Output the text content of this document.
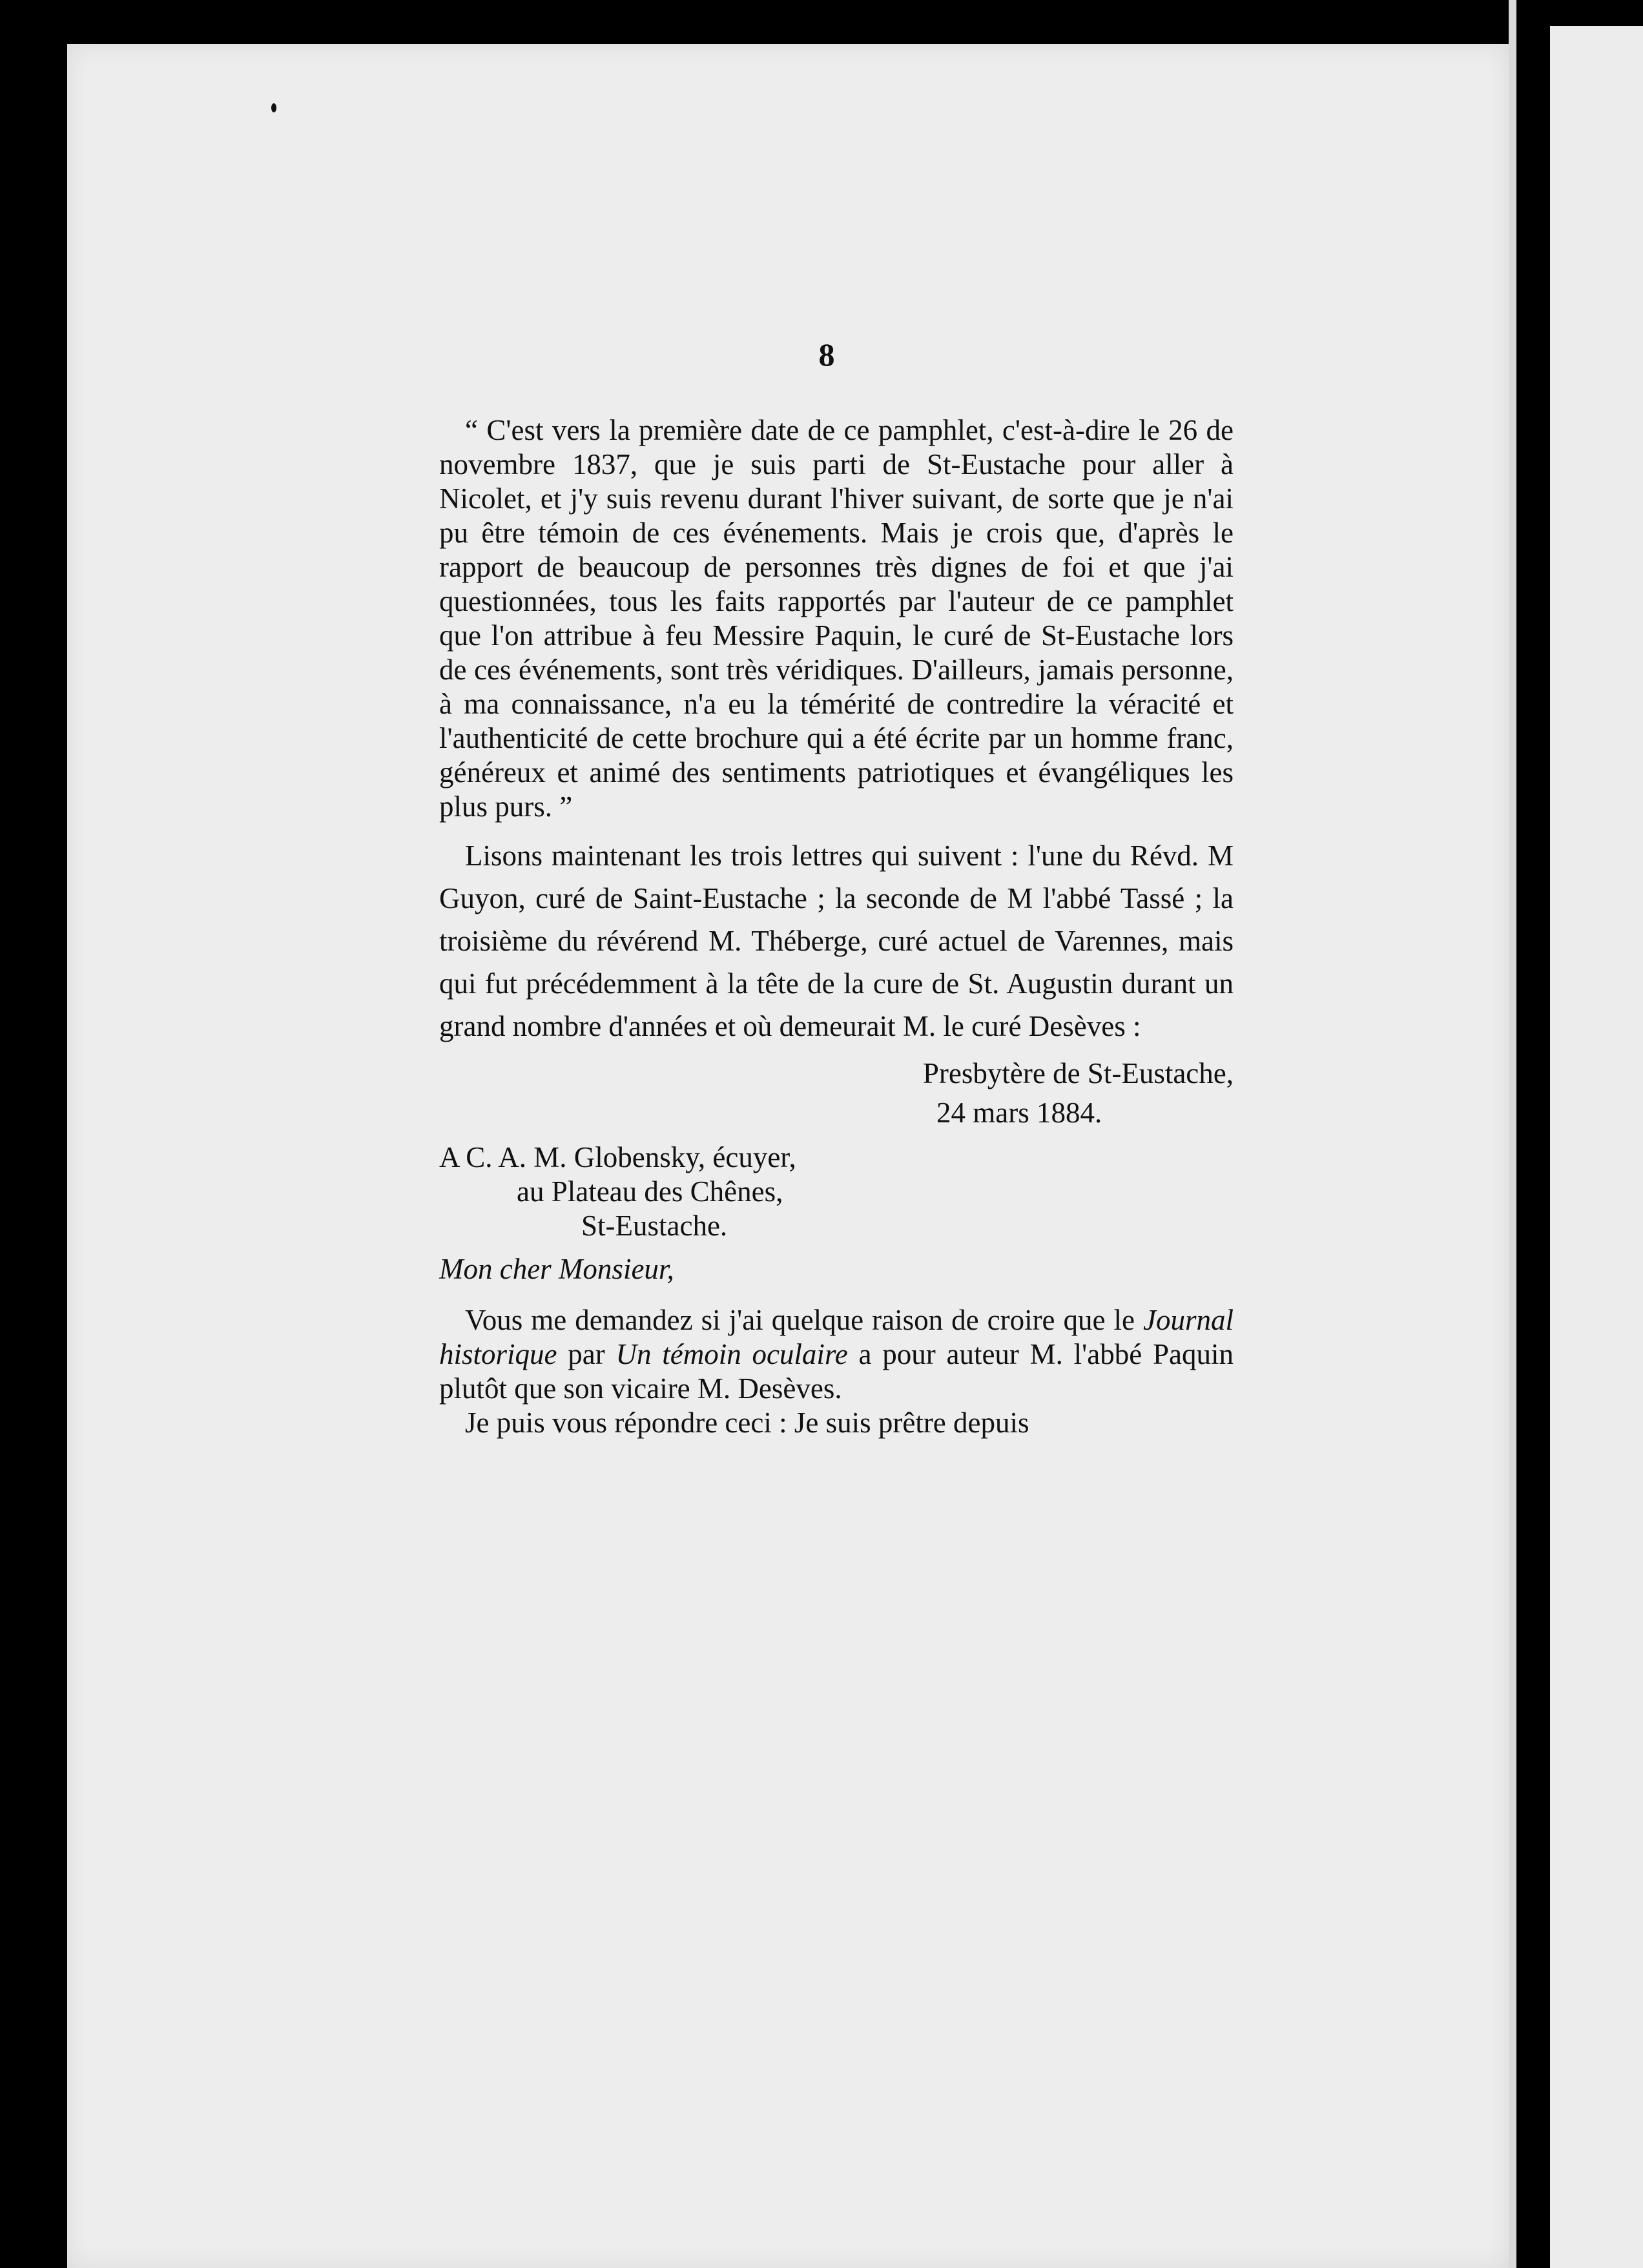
8

“ C'est vers la première date de ce pamphlet, c'est-à-dire le 26 de novembre 1837, que je suis parti de St-Eustache pour aller à Nicolet, et j'y suis revenu durant l'hiver suivant, de sorte que je n'ai pu être témoin de ces événements. Mais je crois que, d'après le rapport de beaucoup de personnes très dignes de foi et que j'ai questionnées, tous les faits rapportés par l'auteur de ce pamphlet que l'on attribue à feu Messire Paquin, le curé de St-Eustache lors de ces événements, sont très véridiques. D'ailleurs, jamais personne, à ma connaissance, n'a eu la témérité de contredire la véracité et l'authenticité de cette brochure qui a été écrite par un homme franc, généreux et animé des sentiments patriotiques et évangéliques les plus purs. ”

Lisons maintenant les trois lettres qui suivent : l'une du Révd. M Guyon, curé de Saint-Eustache ; la seconde de M l'abbé Tassé ; la troisième du révérend M. Théberge, curé actuel de Varennes, mais qui fut précédemment à la tête de la cure de St. Augustin durant un grand nombre d'années et où demeurait M. le curé Desèves :

Presbytère de St-Eustache,

24 mars 1884.

A C. A. M. Globensky, écuyer,

au Plateau des Chênes,

St-Eustache.

Mon cher Monsieur,

Vous me demandez si j'ai quelque raison de croire que le Journal historique par Un témoin oculaire a pour auteur M. l'abbé Paquin plutôt que son vicaire M. Desèves.

Je puis vous répondre ceci : Je suis prêtre depuis
